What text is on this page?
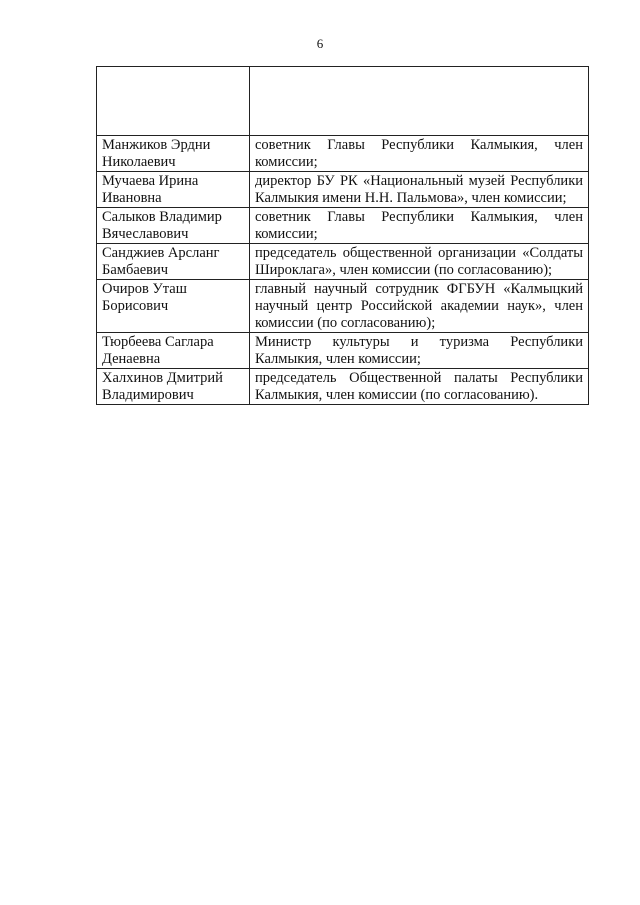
6

Манжиков Эрдни Николаевич	советник Главы Республики Калмыкия, член комиссии;

Мучаева Ирина Ивановна	директор БУ РК «Национальный музей Республики Калмыкия имени Н.Н. Пальмова», член комиссии;

Салыков Владимир Вячеславович	советник Главы Республики Калмыкия, член комиссии;

Санджиев Арсланг Бамбаевич	председатель общественной организации «Солдаты Широклага», член комиссии (по согласованию);

Очиров Уташ Борисович	главный научный сотрудник ФГБУН «Калмыцкий научный центр Российской академии наук», член комиссии (по согласованию);

Тюрбеева Саглара Денаевна	Министр культуры и туризма Республики Калмыкия, член комиссии;

Халхинов Дмитрий Владимирович	председатель Общественной палаты Республики Калмыкия, член комиссии (по согласованию).
